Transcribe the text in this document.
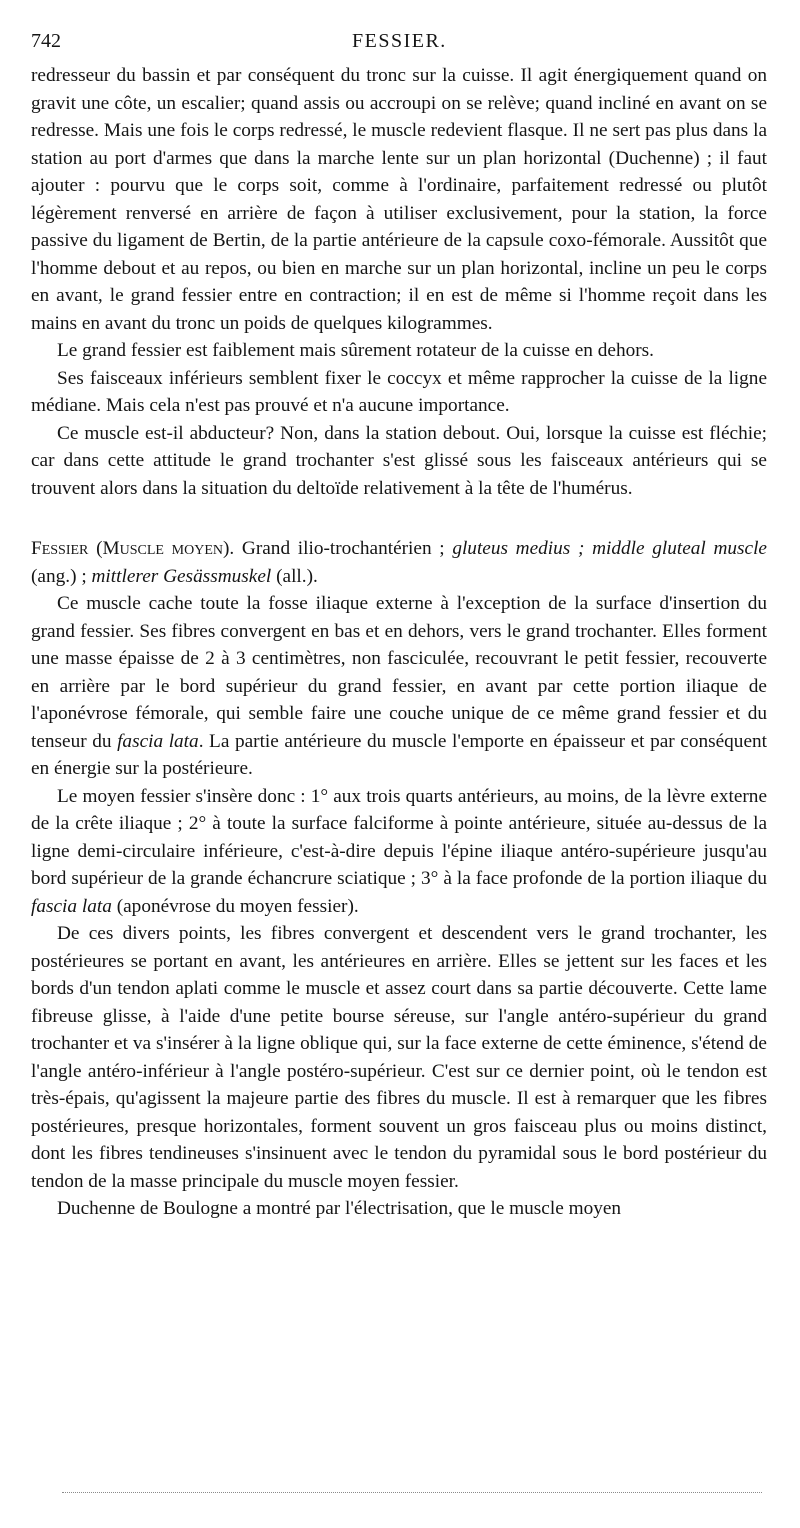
742	FESSIER.

redresseur du bassin et par conséquent du tronc sur la cuisse. Il agit énergiquement quand on gravit une côte, un escalier; quand assis ou accroupi on se relève; quand incliné en avant on se redresse. Mais une fois le corps redressé, le muscle redevient flasque. Il ne sert pas plus dans la station au port d'armes que dans la marche lente sur un plan horizontal (Duchenne) ; il faut ajouter : pourvu que le corps soit, comme à l'ordinaire, parfaitement redressé ou plutôt légèrement renversé en arrière de façon à utiliser exclusivement, pour la station, la force passive du ligament de Bertin, de la partie antérieure de la capsule coxo-fémorale. Aussitôt que l'homme debout et au repos, ou bien en marche sur un plan horizontal, incline un peu le corps en avant, le grand fessier entre en contraction; il en est de même si l'homme reçoit dans les mains en avant du tronc un poids de quelques kilogrammes.

Le grand fessier est faiblement mais sûrement rotateur de la cuisse en dehors.

Ses faisceaux inférieurs semblent fixer le coccyx et même rapprocher la cuisse de la ligne médiane. Mais cela n'est pas prouvé et n'a aucune importance.

Ce muscle est-il abducteur? Non, dans la station debout. Oui, lorsque la cuisse est fléchie; car dans cette attitude le grand trochanter s'est glissé sous les faisceaux antérieurs qui se trouvent alors dans la situation du deltoïde relativement à la tête de l'humérus.

Fessier (Muscle moyen). Grand ilio-trochantérien ; gluteus medius ; middle gluteal muscle (ang.) ; mittlerer Gesässmuskel (all.).

Ce muscle cache toute la fosse iliaque externe à l'exception de la surface d'insertion du grand fessier. Ses fibres convergent en bas et en dehors, vers le grand trochanter. Elles forment une masse épaisse de 2 à 3 centimètres, non fasciculée, recouvrant le petit fessier, recouverte en arrière par le bord supérieur du grand fessier, en avant par cette portion iliaque de l'aponévrose fémorale, qui semble faire une couche unique de ce même grand fessier et du tenseur du fascia lata. La partie antérieure du muscle l'emporte en épaisseur et par conséquent en énergie sur la postérieure.

Le moyen fessier s'insère donc : 1° aux trois quarts antérieurs, au moins, de la lèvre externe de la crête iliaque ; 2° à toute la surface falciforme à pointe antérieure, située au-dessus de la ligne demi-circulaire inférieure, c'est-à-dire depuis l'épine iliaque antéro-supérieure jusqu'au bord supérieur de la grande échancrure sciatique ; 3° à la face profonde de la portion iliaque du fascia lata (aponévrose du moyen fessier).

De ces divers points, les fibres convergent et descendent vers le grand trochanter, les postérieures se portant en avant, les antérieures en arrière. Elles se jettent sur les faces et les bords d'un tendon aplati comme le muscle et assez court dans sa partie découverte. Cette lame fibreuse glisse, à l'aide d'une petite bourse séreuse, sur l'angle antéro-supérieur du grand trochanter et va s'insérer à la ligne oblique qui, sur la face externe de cette éminence, s'étend de l'angle antéro-inférieur à l'angle postéro-supérieur. C'est sur ce dernier point, où le tendon est très-épais, qu'agissent la majeure partie des fibres du muscle. Il est à remarquer que les fibres postérieures, presque horizontales, forment souvent un gros faisceau plus ou moins distinct, dont les fibres tendineuses s'insinuent avec le tendon du pyramidal sous le bord postérieur du tendon de la masse principale du muscle moyen fessier.

Duchenne de Boulogne a montré par l'électrisation, que le muscle moyen
